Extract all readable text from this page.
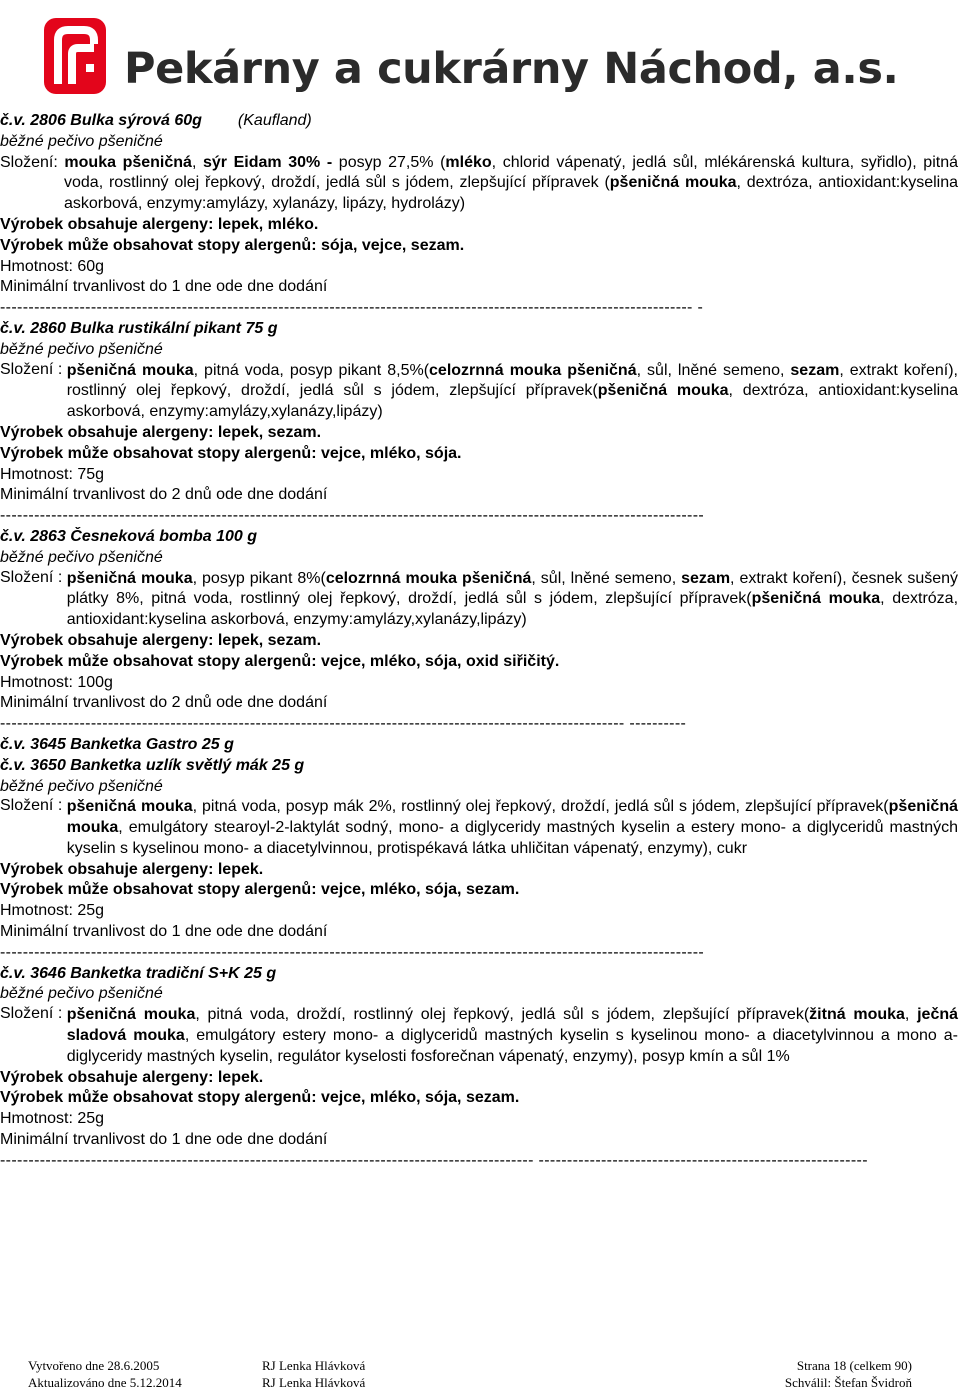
Pekárny a cukrárny Náchod, a.s.
č.v. 2806 Bulka sýrová 60g (Kaufland)
běžné pečivo pšeničné
Složení: mouka pšeničná, sýr Eidam 30% - posyp 27,5% (mléko, chlorid vápenatý, jedlá sůl, mlékárenská kultura, syřidlo), pitná voda, rostlinný olej řepkový, droždí, jedlá sůl s jódem, zlepšující přípravek (pšeničná mouka, dextróza, antioxidant:kyselina askorbová, enzymy:amylázy, xylanázy, lipázy, hydrolázy)
Výrobek obsahuje alergeny: lepek, mléko.
Výrobek může obsahovat stopy alergenů: sója, vejce, sezam.
Hmotnost: 60g
Minimální trvanlivost do 1 dne ode dne dodání
-------------------------------------------------------------------------------------------------------------------------- -
č.v. 2860 Bulka rustikální pikant 75 g
běžné pečivo pšeničné
Složení : pšeničná mouka, pitná voda, posyp pikant 8,5%(celozrnná mouka pšeničná, sůl, lněné semeno, sezam, extrakt koření), rostlinný olej řepkový, droždí, jedlá sůl s jódem, zlepšující přípravek(pšeničná mouka, dextróza, antioxidant:kyselina askorbová, enzymy:amylázy,xylanázy,lipázy)
Výrobek obsahuje alergeny: lepek, sezam.
Výrobek může obsahovat stopy alergenů: vejce, mléko, sója.
Hmotnost: 75g
Minimální trvanlivost do 2 dnů ode dne dodání
----------------------------------------------------------------------------------------------------------------------------
č.v. 2863 Česneková bomba 100 g
běžné pečivo pšeničné
Složení : pšeničná mouka, posyp pikant 8%(celozrnná mouka pšeničná, sůl, lněné semeno, sezam, extrakt koření), česnek sušený plátky 8%, pitná voda, rostlinný olej řepkový, droždí, jedlá sůl s jódem, zlepšující přípravek(pšeničná mouka, dextróza, antioxidant:kyselina askorbová, enzymy:amylázy,xylanázy,lipázy)
Výrobek obsahuje alergeny: lepek, sezam.
Výrobek může obsahovat stopy alergenů: vejce, mléko, sója, oxid siřičitý.
Hmotnost: 100g
Minimální trvanlivost do 2 dnů ode dne dodání
-------------------------------------------------------------------------------------------------------------- ----------
č.v. 3645 Banketka Gastro 25 g
č.v. 3650 Banketka uzlík světlý mák 25 g
běžné pečivo pšeničné
Složení : pšeničná mouka, pitná voda, posyp mák 2%, rostlinný olej řepkový, droždí, jedlá sůl s jódem, zlepšující přípravek(pšeničná mouka, emulgátory stearoyl-2-laktylát sodný, mono- a diglyceridy mastných kyselin a estery mono- a diglyceridů mastných kyselin s kyselinou mono- a diacetylvinnou, protispékavá látka uhličitan vápenatý, enzymy), cukr
Výrobek obsahuje alergeny: lepek.
Výrobek může obsahovat stopy alergenů: vejce, mléko, sója, sezam.
Hmotnost: 25g
Minimální trvanlivost do 1 dne ode dne dodání
----------------------------------------------------------------------------------------------------------------------------
č.v. 3646 Banketka tradiční S+K 25 g
běžné pečivo pšeničné
Složení : pšeničná mouka, pitná voda, droždí, rostlinný olej řepkový, jedlá sůl s jódem, zlepšující přípravek(žitná mouka, ječná sladová mouka, emulgátory estery mono- a diglyceridů mastných kyselin s kyselinou mono- a diacetylvinnou a mono a- diglyceridy mastných kyselin, regulátor kyselosti fosforečnan vápenatý, enzymy), posyp kmín a sůl 1%
Výrobek obsahuje alergeny: lepek.
Výrobek může obsahovat stopy alergenů: vejce, mléko, sója, sezam.
Hmotnost: 25g
Minimální trvanlivost do 1 dne ode dne dodání
---------------------------------------------------------------------------------------------- ----------------------------------------------------------
Vytvořeno dne 28.6.2005
Aktualizováno dne 5.12.2014
RJ Lenka Hlávková
RJ Lenka Hlávková
Strana 18 (celkem 90)
Schválil: Štefan Švidroň
